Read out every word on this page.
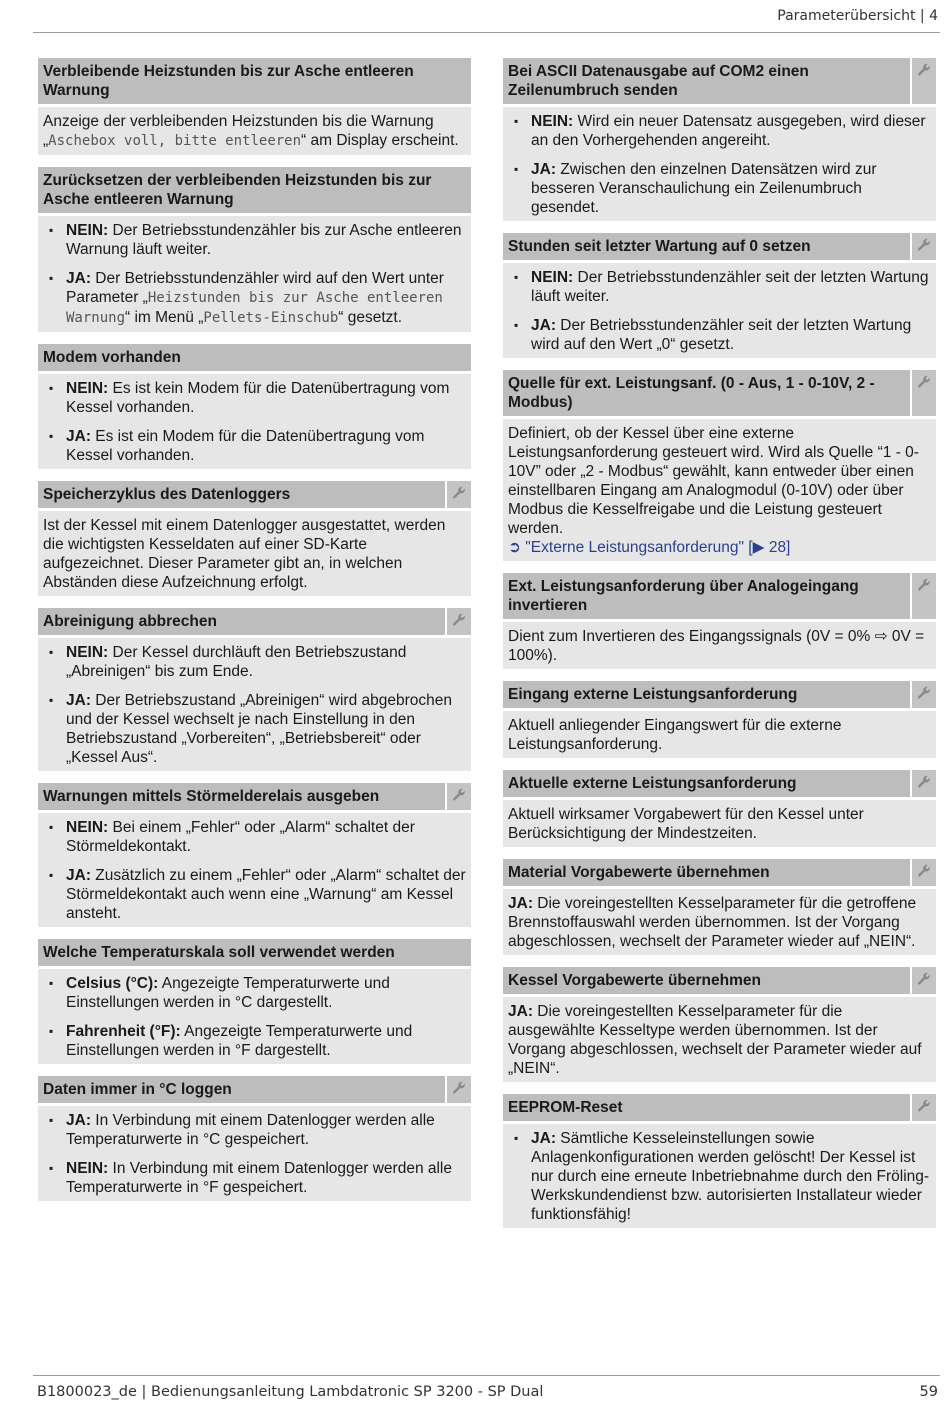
Parameterübersicht | 4
Verbleibende Heizstunden bis zur Asche entleeren Warnung

Anzeige der verbleibenden Heizstunden bis die Warnung „Aschebox voll, bitte entleeren“ am Display erscheint.

Zurücksetzen der verbleibenden Heizstunden bis zur Asche entleeren Warnung
▪ NEIN: Der Betriebsstundenzähler bis zur Asche entleeren Warnung läuft weiter.
▪ JA: Der Betriebsstundenzähler wird auf den Wert unter Parameter „Heizstunden bis zur Asche entleeren Warnung“ im Menü „Pellets-Einschub“ gesetzt.
Modem vorhanden
▪ NEIN: Es ist kein Modem für die Datenübertragung vom Kessel vorhanden.
▪ JA: Es ist ein Modem für die Datenübertragung vom Kessel vorhanden.
Speicherzyklus des Datenloggers

Ist der Kessel mit einem Datenlogger ausgestattet, werden die wichtigsten Kesseldaten auf einer SD-Karte aufgezeichnet. Dieser Parameter gibt an, in welchen Abständen diese Aufzeichnung erfolgt.

Abreinigung abbrechen
▪ NEIN: Der Kessel durchläuft den Betriebszustand „Abreinigen“ bis zum Ende.
▪ JA: Der Betriebszustand „Abreinigen“ wird abgebrochen und der Kessel wechselt je nach Einstellung in den Betriebszustand „Vorbereiten“, „Betriebsbereit“ oder „Kessel Aus“.
Warnungen mittels Störmelderelais ausgeben
▪ NEIN: Bei einem „Fehler“ oder „Alarm“ schaltet der Störmeldekontakt.
▪ JA: Zusätzlich zu einem „Fehler“ oder „Alarm“ schaltet der Störmeldekontakt auch wenn eine „Warnung“ am Kessel ansteht.
Welche Temperaturskala soll verwendet werden
▪ Celsius (°C): Angezeigte Temperaturwerte und Einstellungen werden in °C dargestellt.
▪ Fahrenheit (°F): Angezeigte Temperaturwerte und Einstellungen werden in °F dargestellt.
Daten immer in °C loggen
▪ JA: In Verbindung mit einem Datenlogger werden alle Temperaturwerte in °C gespeichert.
▪ NEIN: In Verbindung mit einem Datenlogger werden alle Temperaturwerte in °F gespeichert.
Bei ASCII Datenausgabe auf COM2 einen Zeilenumbruch senden
▪ NEIN: Wird ein neuer Datensatz ausgegeben, wird dieser an den Vorhergehenden angereiht.
▪ JA: Zwischen den einzelnen Datensätzen wird zur besseren Veranschaulichung ein Zeilenumbruch gesendet.
Stunden seit letzter Wartung auf 0 setzen
▪ NEIN: Der Betriebsstundenzähler seit der letzten Wartung läuft weiter.
▪ JA: Der Betriebsstundenzähler seit der letzten Wartung wird auf den Wert „0“ gesetzt.
Quelle für ext. Leistungsanf. (0 - Aus, 1 - 0-10V, 2 - Modbus)

Definiert, ob der Kessel über eine externe Leistungsanforderung gesteuert wird. Wird als Quelle “1 - 0-10V” oder „2 - Modbus“ gewählt, kann entweder über einen einstellbaren Eingang am Analogmodul (0-10V) oder über Modbus die Kesselfreigabe und die Leistung gesteuert werden.

➲ "Externe Leistungsanforderung" [▶ 28]

Ext. Leistungsanforderung über Analogeingang invertieren

Dient zum Invertieren des Eingangssignals (0V = 0% ⇨ 0V = 100%).

Eingang externe Leistungsanforderung

Aktuell anliegender Eingangswert für die externe Leistungsanforderung.

Aktuelle externe Leistungsanforderung

Aktuell wirksamer Vorgabewert für den Kessel unter Berücksichtigung der Mindestzeiten.

Material Vorgabewerte übernehmen

JA: Die voreingestellten Kesselparameter für die getroffene Brennstoffauswahl werden übernommen. Ist der Vorgang abgeschlossen, wechselt der Parameter wieder auf „NEIN“.

Kessel Vorgabewerte übernehmen

JA: Die voreingestellten Kesselparameter für die ausgewählte Kesseltype werden übernommen. Ist der Vorgang abgeschlossen, wechselt der Parameter wieder auf „NEIN“.

EEPROM-Reset
▪ JA: Sämtliche Kesseleinstellungen sowie Anlagenkonfigurationen werden gelöscht! Der Kessel ist nur durch eine erneute Inbetriebnahme durch den Fröling-Werkskundendienst bzw. autorisierten Installateur wieder funktionsfähig!
B1800023_de | Bedienungsanleitung Lambdatronic SP 3200 - SP Dual	59
